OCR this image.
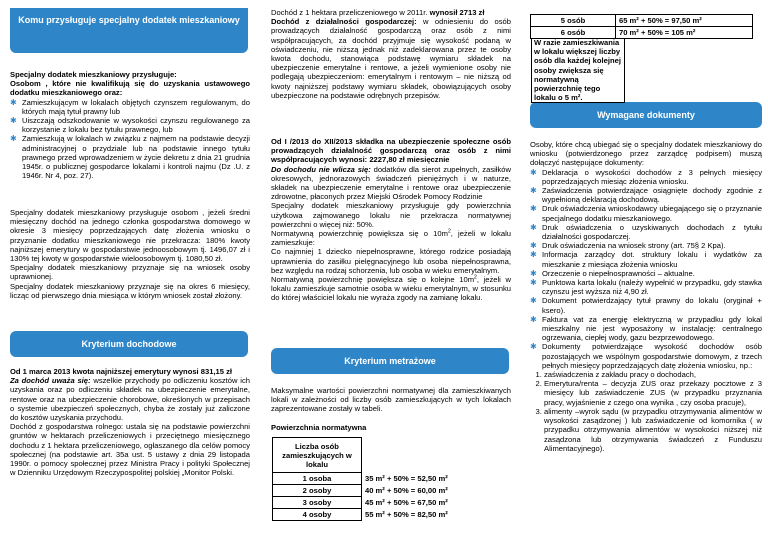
Komu przysługuje specjalny dodatek mieszkaniowy
Kryterium dochodowe
Kryterium metrażowe
Wymagane dokumenty

Specjalny dodatek mieszkaniowy przysługuje:

Osobom , które nie kwalifikują się do uzyskania ustawowego dodatku mieszkaniowego oraz:

✱ Zamieszkującym w lokalach objętych czynszem regulowanym, do których mają tytuł prawny lub
✱ Uiszczają odszkodowanie w wysokości czynszu regulowanego za korzystanie z lokalu bez tytułu prawnego, lub
✱ Zamieszkują w lokalach w związku z najmem na podstawie decyzji administracyjnej o przydziale lub na podstawie innego tytułu prawnego przed wprowadzeniem w życie dekretu z dnia 21 grudnia 1945r. o publicznej gospodarce lokalami i kontroli najmu (Dz .U. z 1946r. Nr 4, poz. 27).

Specjalny dodatek mieszkaniowy przysługuje osobom , jeżeli średni miesięczny dochód na jednego członka gospodarstwa domowego w okresie 3 miesięcy poprzedzających datę złożenia wniosku o przyznanie dodatku mieszkaniowego nie przekracza: 180% kwoty najniższej emerytury w gospodarstwie jednoosobowym tj. 1496,07 zł i 130% tej kwoty w gospodarstwie wieloosobowym tj. 1080,50 zł.

Specjalny dodatek mieszkaniowy przyznaje się na wniosek osoby uprawnionej.

Specjalny dodatek mieszkaniowy przyznaje się na okres 6 miesięcy, licząc od pierwszego dnia miesiąca w którym wniosek został złożony.

Od 1 marca 2013 kwota najniższej emerytury wynosi 831,15 zł

Za dochód uważa się: wszelkie przychody po odliczeniu kosztów ich uzyskania oraz po odliczeniu składek na ubezpieczenie emerytalne, rentowe oraz na ubezpieczenie chorobowe, określonych w przepisach o systemie ubezpieczeń społecznych, chyba że zostały już zaliczone do kosztów uzyskania przychodu.

Dochód z gospodarstwa rolnego: ustala się na podstawie powierzchni gruntów w hektarach przeliczeniowych i przeciętnego miesięcznego dochodu z 1 hektara przeliczeniowego, ogłaszanego dla celów pomocy społecznej (na podstawie art. 35a ust. 5 ustawy z dnia 29 listopada 1990r. o pomocy społecznej przez Ministra Pracy i polityki Społecznej w Dzienniku Urzędowym Rzeczypospolitej polskiej „Monitor Polski.

Dochód z 1 hektara przeliczeniowego w 2011r. wynosił 2713 zł

Dochód z działalności gospodarczej: w odniesieniu do osób prowadzących działalność gospodarczą oraz osób z nimi współpracujących, za dochód przyjmuje się wysokość podaną w oświadczeniu, nie niższą jednak niż zadeklarowana przez te osoby kwota dochodu, stanowiąca podstawę wymiaru składek na ubezpieczenie emerytalne i rentowe, a jeżeli wymienione osoby nie podlegają ubezpieczeniom: emerytalnym i rentowym – nie niższą od kwoty najniższej podstawy wymiaru składek, obowiązujących osoby ubezpieczone na podstawie odrębnych przepisów.

Od I /2013 do XII/2013 składka na ubezpieczenie społeczne osób prowadzących działalność gospodarczą oraz osób z nimi współpracujących wynosi: 2227,80 zł miesięcznie

Do dochodu nie wlicza się: dodatków dla sierot zupełnych, zasiłków okresowych, jednorazowych świadczeń pieniężnych i w naturze, składek na ubezpieczenie emerytalne i rentowe oraz ubezpieczenie zdrowotne, płaconych przez Miejski Ośrodek Pomocy Rodzinie

Specjalny dodatek mieszkaniowy przysługuje gdy powierzchnia użytkowa zajmowanego lokalu nie przekracza normatywnej powierzchni o więcej niż: 50%.

Normatywną powierzchnię powiększa się o $10m^2$, jeżeli w lokalu zamieszkuje:

Co najmniej 1 dziecko niepełnosprawne, którego rodzice posiadają uprawnienia do zasiłku pielęgnacyjnego lub osoba niepełnosprawna, bez względu na rodzaj schorzenia, lub osoba w wieku emerytalnym.

Normatywną powierzchnię powiększa się o kolejne $10m^2$, jeżeli w lokalu zamieszkuje samotnie osoba w wieku emerytalnym, w stosunku do której właściciel lokalu nie wyraża zgody na zamianę lokalu.

Maksymalne wartości powierzchni normatywnej dla zamieszkiwanych lokali w zależności od liczby osób zamieszkujących w tych lokalach zaprezentowane zostały w tabeli.

Powierzchnia normatywna

Liczba osób zamieszkujących w lokalu	
1 osoba	35 m² + 50% = 52,50 m²
2 osoby	40 m² + 50% = 60,00 m²
3 osoby	45 m² + 50% = 67,50 m²
4 osoby	55 m² + 50% = 82,50 m²
5 osób	65 m² + 50% = 97,50 m²
6 osób	70 m² + 50% = 105 m²
W razie zamieszkiwania w lokalu większej liczby osób dla każdej kolejnej osoby zwiększa się normatywną powierzchnię tego lokalu o 5 m².

Osoby, które chcą ubiegać się o specjalny dodatek mieszkaniowy do wniosku (potwierdzonego przez zarządcę podpisem) muszą dołączyć następujące dokumenty:

✱ Deklaracja o wysokości dochodów z 3 pełnych miesięcy poprzedzających miesiąc złożenia wniosku.
✱ Zaświadczenia potwierdzające osiągnięte dochody zgodnie z wypełnioną deklaracją dochodową.
✱ Druk oświadczenia wnioskodawcy ubiegającego się o przyznanie specjalnego dodatku mieszkaniowego.
✱ Druk oświadczenia o uzyskiwanych dochodach z tytułu działalności gospodarczej.
✱ Druk oświadczenia na wniosek strony (art. 75§ 2 Kpa).
✱ Informacja zarządcy dot. struktury lokalu i wydatków za mieszkanie z miesiąca złożenia wniosku
✱ Orzeczenie o niepełnosprawności – aktualne.
✱ Punktowa karta lokalu (należy wypełnić w przypadku, gdy stawka czynszu jest wyższa niż 4,90 zł.
✱ Dokument potwierdzający tytuł prawny do lokalu (oryginał + ksero).
✱ Faktura vat za energię elektryczną w przypadku gdy lokal mieszkalny nie jest wyposażony w instalację: centralnego ogrzewania, ciepłej wody, gazu bezprzewodowego.
✱ Dokumenty potwierdzające wysokość dochodów osób pozostających we wspólnym gospodarstwie domowym, z trzech pełnych miesięcy poprzedzających datę złożenia wniosku, np.:
1. zaświadczenia z zakładu pracy o dochodach,
2. Emerytura/renta – decyzja ZUS oraz przekazy pocztowe z 3 miesięcy lub zaświadczenie ZUS (w przypadku przyznania pracy, wyjaśnienie z czego ona wynika , czy osoba pracuje),
3. alimenty –wyrok sądu (w przypadku otrzymywania alimentów w wysokości zasądzonej ) lub zaświadczenie od komornika ( w przypadku otrzymywania alimentów w wysokości niższej niż zasądzona lub otrzymywania świadczeń z Funduszu Alimentacyjnego).
